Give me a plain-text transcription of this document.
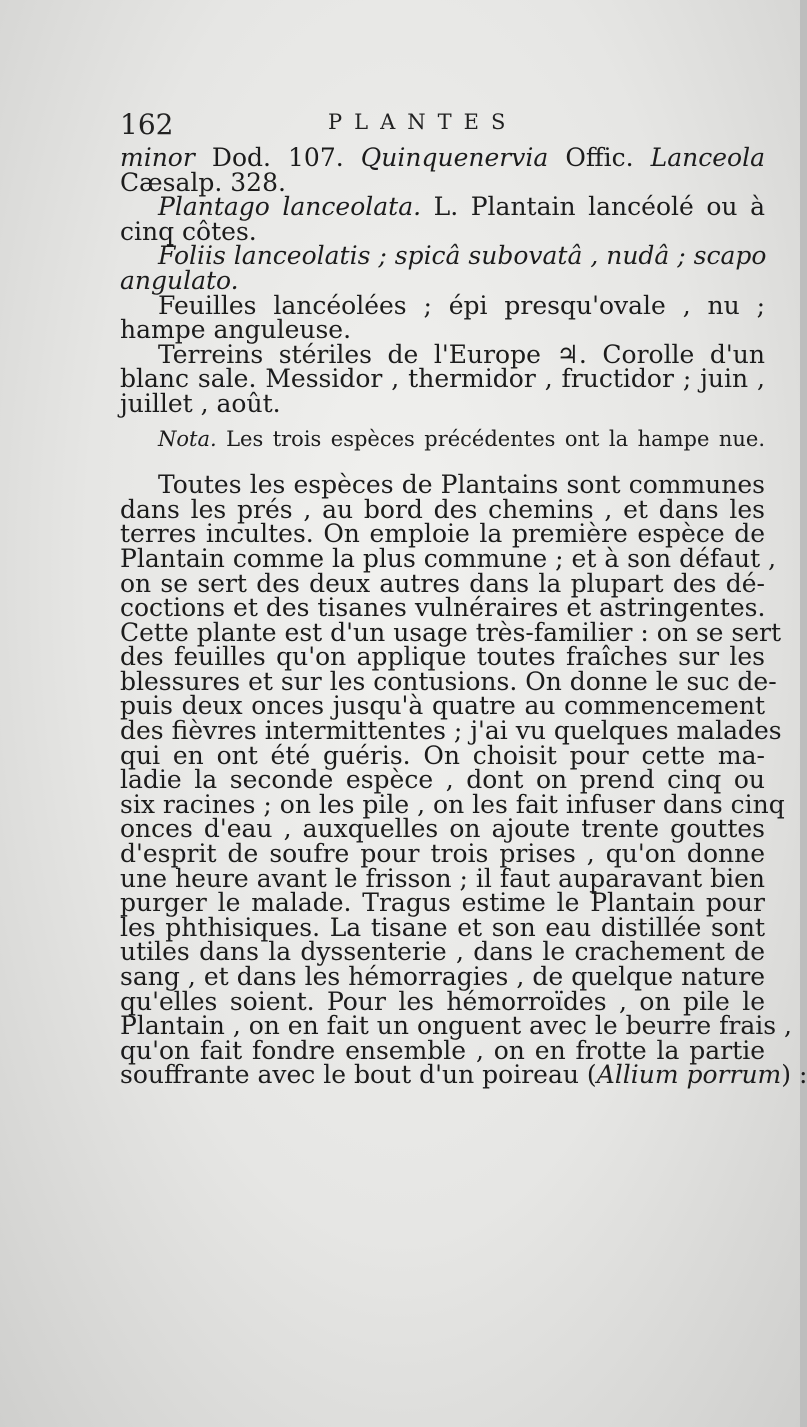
162	PLANTES
minor Dod. 107. Quinquenervia Offic. Lanceola
Cæsalp. 328.
Plantago lanceolata. L. Plantain lancéolé ou à
cinq côtes.
Foliis lanceolatis ; spicâ subovatâ , nudâ ; scapo
angulato.
Feuilles lancéolées ; épi presqu'ovale , nu ;
hampe anguleuse.
Terreins stériles de l'Europe ♃. Corolle d'un
blanc sale. Messidor , thermidor , fructidor ; juin ,
juillet , août.
Nota. Les trois espèces précédentes ont la hampe nue.
Toutes les espèces de Plantains sont communes
dans les prés , au bord des chemins , et dans les
terres incultes. On emploie la première espèce de
Plantain comme la plus commune ; et à son défaut ,
on se sert des deux autres dans la plupart des dé-
coctions et des tisanes vulnéraires et astringentes.
Cette plante est d'un usage très-familier : on se sert
des feuilles qu'on applique toutes fraîches sur les
blessures et sur les contusions. On donne le suc de-
puis deux onces jusqu'à quatre au commencement
des fièvres intermittentes ; j'ai vu quelques malades
qui en ont été guéris. On choisit pour cette ma-
ladie la seconde espèce , dont on prend cinq ou
six racines ; on les pile , on les fait infuser dans cinq
onces d'eau , auxquelles on ajoute trente gouttes
d'esprit de soufre pour trois prises , qu'on donne
une heure avant le frisson ; il faut auparavant bien
purger le malade. Tragus estime le Plantain pour
les phthisiques. La tisane et son eau distillée sont
utiles dans la dyssenterie , dans le crachement de
sang , et dans les hémorragies , de quelque nature
qu'elles soient. Pour les hémorroïdes , on pile le
Plantain , on en fait un onguent avec le beurre frais ,
qu'on fait fondre ensemble , on en frotte la partie
souffrante avec le bout d'un poireau (Allium porrum) :
